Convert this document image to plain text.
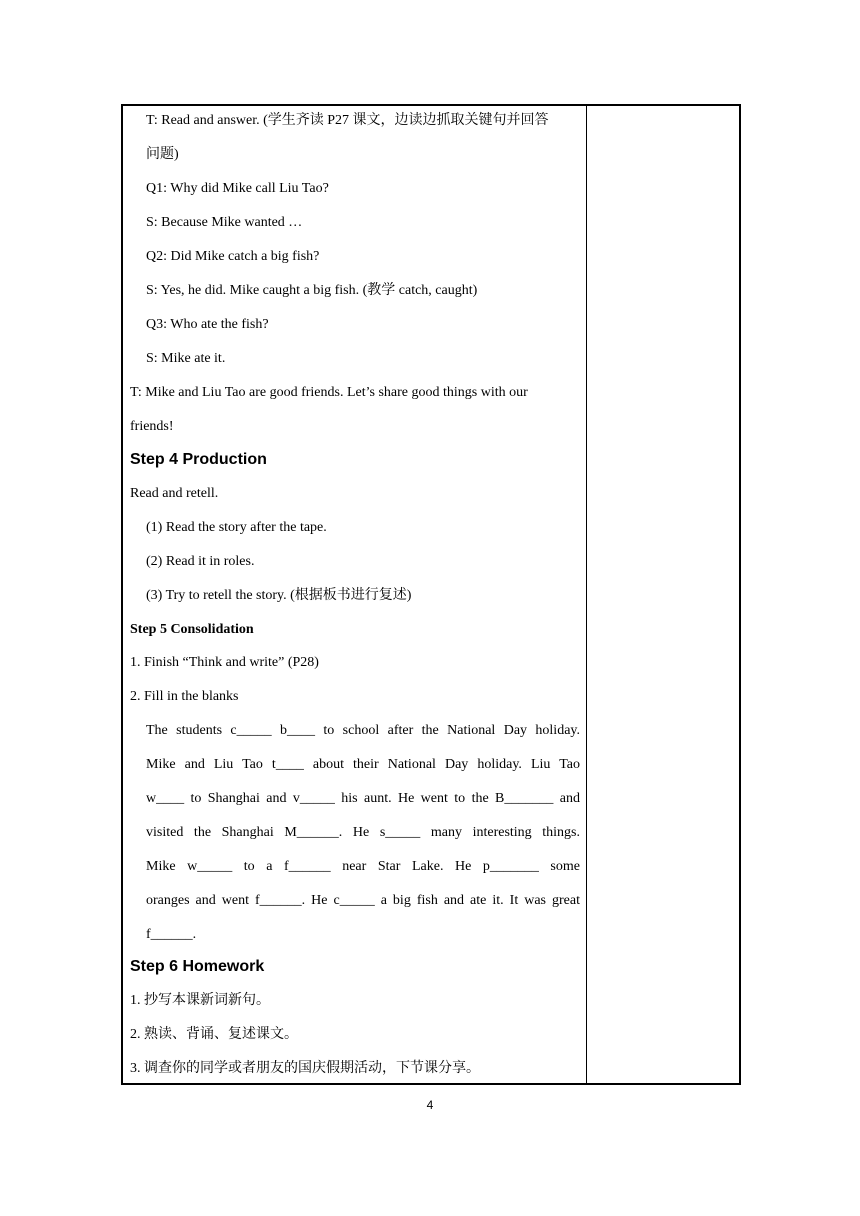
T: Read and answer. (学生齐读 P27 课文，边读边抓取关键句并回答
问题)
Q1: Why did Mike call Liu Tao?
S: Because Mike wanted …
Q2: Did Mike catch a big fish?
S: Yes, he did. Mike caught a big fish. (教学 catch, caught)
Q3: Who ate the fish?
S: Mike ate it.
T: Mike and Liu Tao are good friends. Let’s share good things with our
friends!
Step 4 Production
Read and retell.
(1) Read the story after the tape.
(2) Read it in roles.
(3) Try to retell the story. (根据板书进行复述)
Step 5 Consolidation
1. Finish “Think and write” (P28)
2. Fill in the blanks
The students c_____ b____ to school after the National Day holiday.
Mike and Liu Tao t____ about their National Day holiday. Liu Tao
w____ to Shanghai and v_____ his aunt. He went to the B_______ and
visited the Shanghai M______. He s_____ many interesting things.
Mike w_____ to a f______ near Star Lake. He p_______ some
oranges and went f______. He c_____ a big fish and ate it. It was great
f______.
Step 6 Homework
1. 抄写本课新词新句。
2. 熟读、背诵、复述课文。
3. 调查你的同学或者朋友的国庆假期活动，下节课分享。
4
